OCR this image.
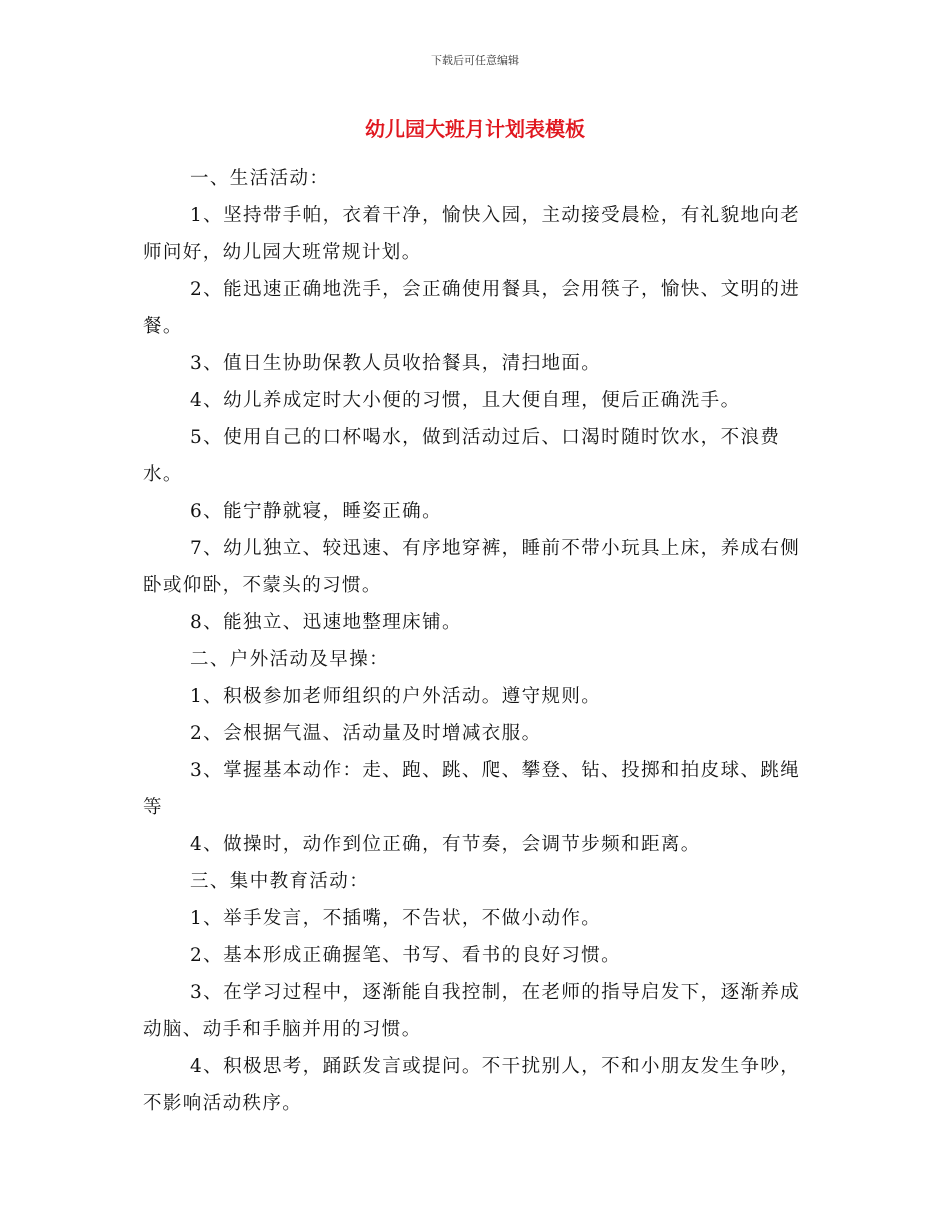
下载后可任意编辑
幼儿园大班月计划表模板

一、生活活动：

1、坚持带手帕，衣着干净，愉快入园，主动接受晨检，有礼貌地向老师问好，幼儿园大班常规计划。

2、能迅速正确地洗手，会正确使用餐具，会用筷子，愉快、文明的进餐。

3、值日生协助保教人员收拾餐具，清扫地面。

4、幼儿养成定时大小便的习惯，且大便自理，便后正确洗手。

5、使用自己的口杯喝水，做到活动过后、口渴时随时饮水，不浪费水。

6、能宁静就寝，睡姿正确。

7、幼儿独立、较迅速、有序地穿裤，睡前不带小玩具上床，养成右侧卧或仰卧，不蒙头的习惯。

8、能独立、迅速地整理床铺。

二、户外活动及早操：

1、积极参加老师组织的户外活动。遵守规则。

2、会根据气温、活动量及时增减衣服。

3、掌握基本动作：走、跑、跳、爬、攀登、钻、投掷和拍皮球、跳绳等

4、做操时，动作到位正确，有节奏，会调节步频和距离。

三、集中教育活动：

1、举手发言，不插嘴，不告状，不做小动作。

2、基本形成正确握笔、书写、看书的良好习惯。

3、在学习过程中，逐渐能自我控制，在老师的指导启发下，逐渐养成动脑、动手和手脑并用的习惯。

4、积极思考，踊跃发言或提问。不干扰别人，不和小朋友发生争吵，不影响活动秩序。
